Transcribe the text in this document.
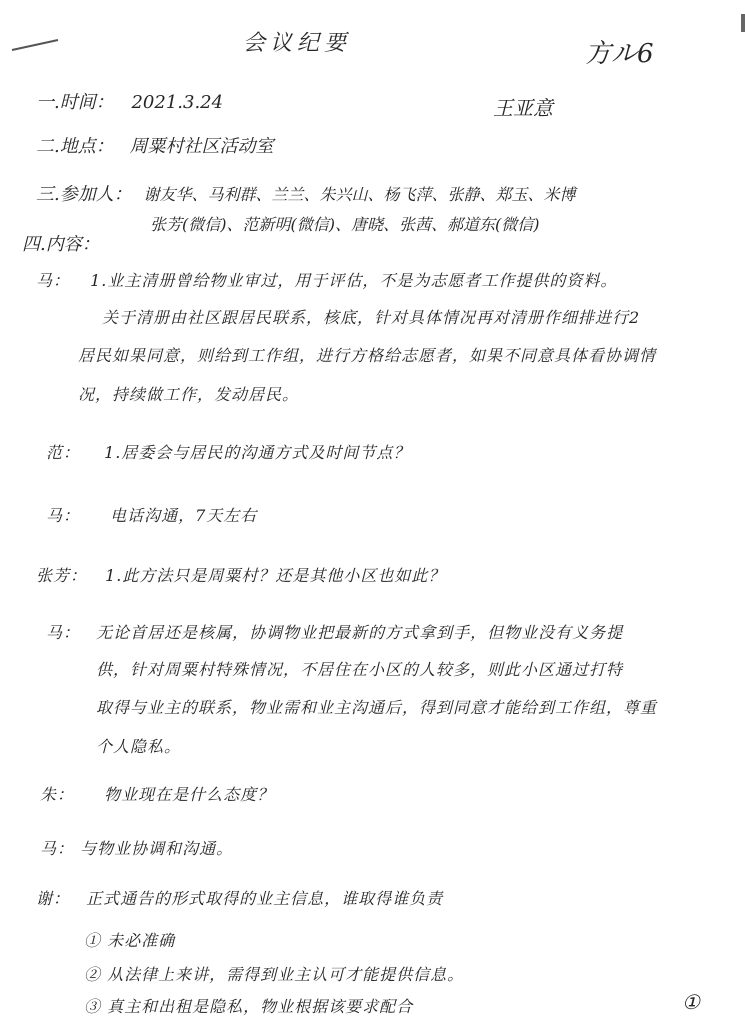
会议纪要	方ル6
王亚意
一.时间： 2021.3.24
二.地点： 周粟村社区活动室
三.参加人： 谢友华、马利群、兰兰、朱兴山、杨飞萍、张静、郑玉、米博
张芳(微信)、范新明(微信)、唐晓、张茜、郝道东(微信)
四.内容：
马： 1.业主清册曾给物业审过，用于评估，不是为志愿者工作提供的资料。
关于清册由社区跟居民联系，核底，针对具体情况再对清册作细排进行2
居民如果同意，则给到工作组，进行方格给志愿者，如果不同意具体看协调情
况，持续做工作，发动居民。
范： 1.居委会与居民的沟通方式及时间节点？
马： 电话沟通，7天左右
张芳： 1.此方法只是周粟村？还是其他小区也如此？
马： 无论首居还是核属，协调物业把最新的方式拿到手，但物业没有义务提
供，针对周粟村特殊情况，不居住在小区的人较多，则此小区通过打特
取得与业主的联系，物业需和业主沟通后，得到同意才能给到工作组，尊重
个人隐私。
朱： 物业现在是什么态度？
马： 与物业协调和沟通。
谢： 正式通告的形式取得的业主信息，谁取得谁负责
① 未必准确
② 从法律上来讲，需得到业主认可才能提供信息。
③ 真主和出租是隐私，物业根据该要求配合	①
